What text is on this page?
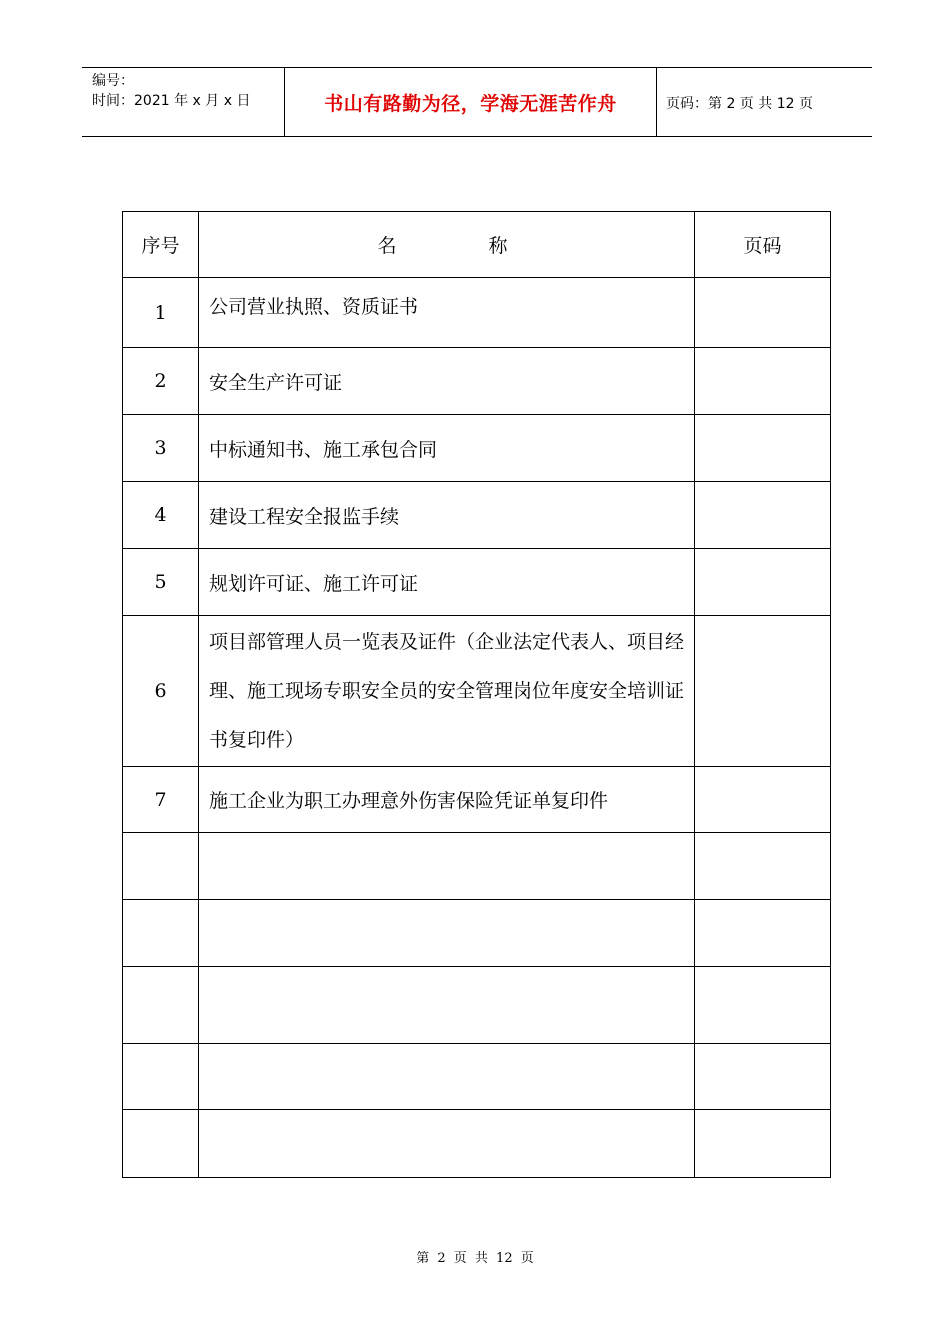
编号：
时间：2021 年 x 月 x 日	书山有路勤为径，学海无涯苦作舟	页码：第 2 页 共 12 页
序号	名称	页码
1	公司营业执照、资质证书	
2	安全生产许可证	
3	中标通知书、施工承包合同	
4	建设工程安全报监手续	
5	规划许可证、施工许可证	
6	项目部管理人员一览表及证件（企业法定代表人、项目经理、施工现场专职安全员的安全管理岗位年度安全培训证书复印件）	
7	施工企业为职工办理意外伤害保险凭证单复印件	

第 2 页 共 12 页
